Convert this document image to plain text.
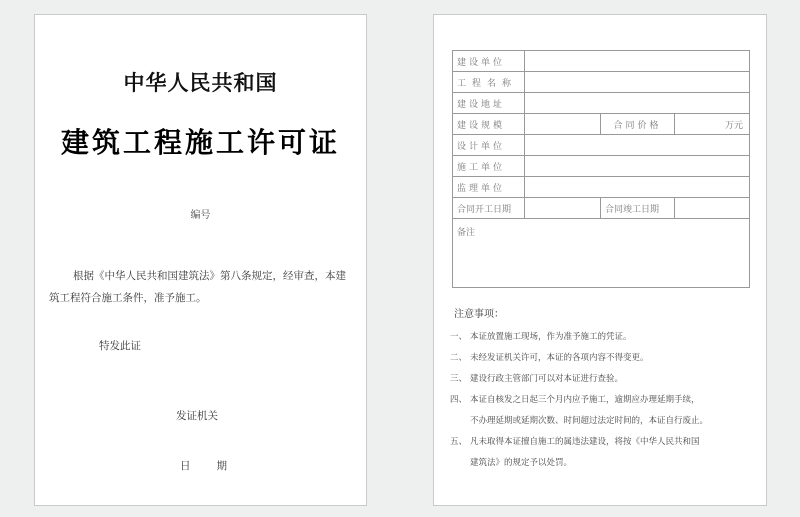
中华人民共和国
建筑工程施工许可证
编号

根据《中华人民共和国建筑法》第八条规定，经审查，本建筑工程符合施工条件，准予施工。

特发此证
发证机关
日 期
建设单位			
工程名称			
建设地址			
建设规模		合同价格	万元
设计单位			
施工单位			
监理单位			
合同开工日期		合同竣工日期	
备注			
注意事项：
一、 本证放置施工现场，作为准予施工的凭证。
二、 未经发证机关许可，本证的各项内容不得变更。
三、 建设行政主管部门可以对本证进行查验。
四、 本证自核发之日起三个月内应予施工，逾期应办理延期手续，
不办理延期或延期次数、时间超过法定时间的，本证自行废止。
五、 凡未取得本证擅自施工的属违法建设，将按《中华人民共和国
建筑法》的规定予以处罚。
